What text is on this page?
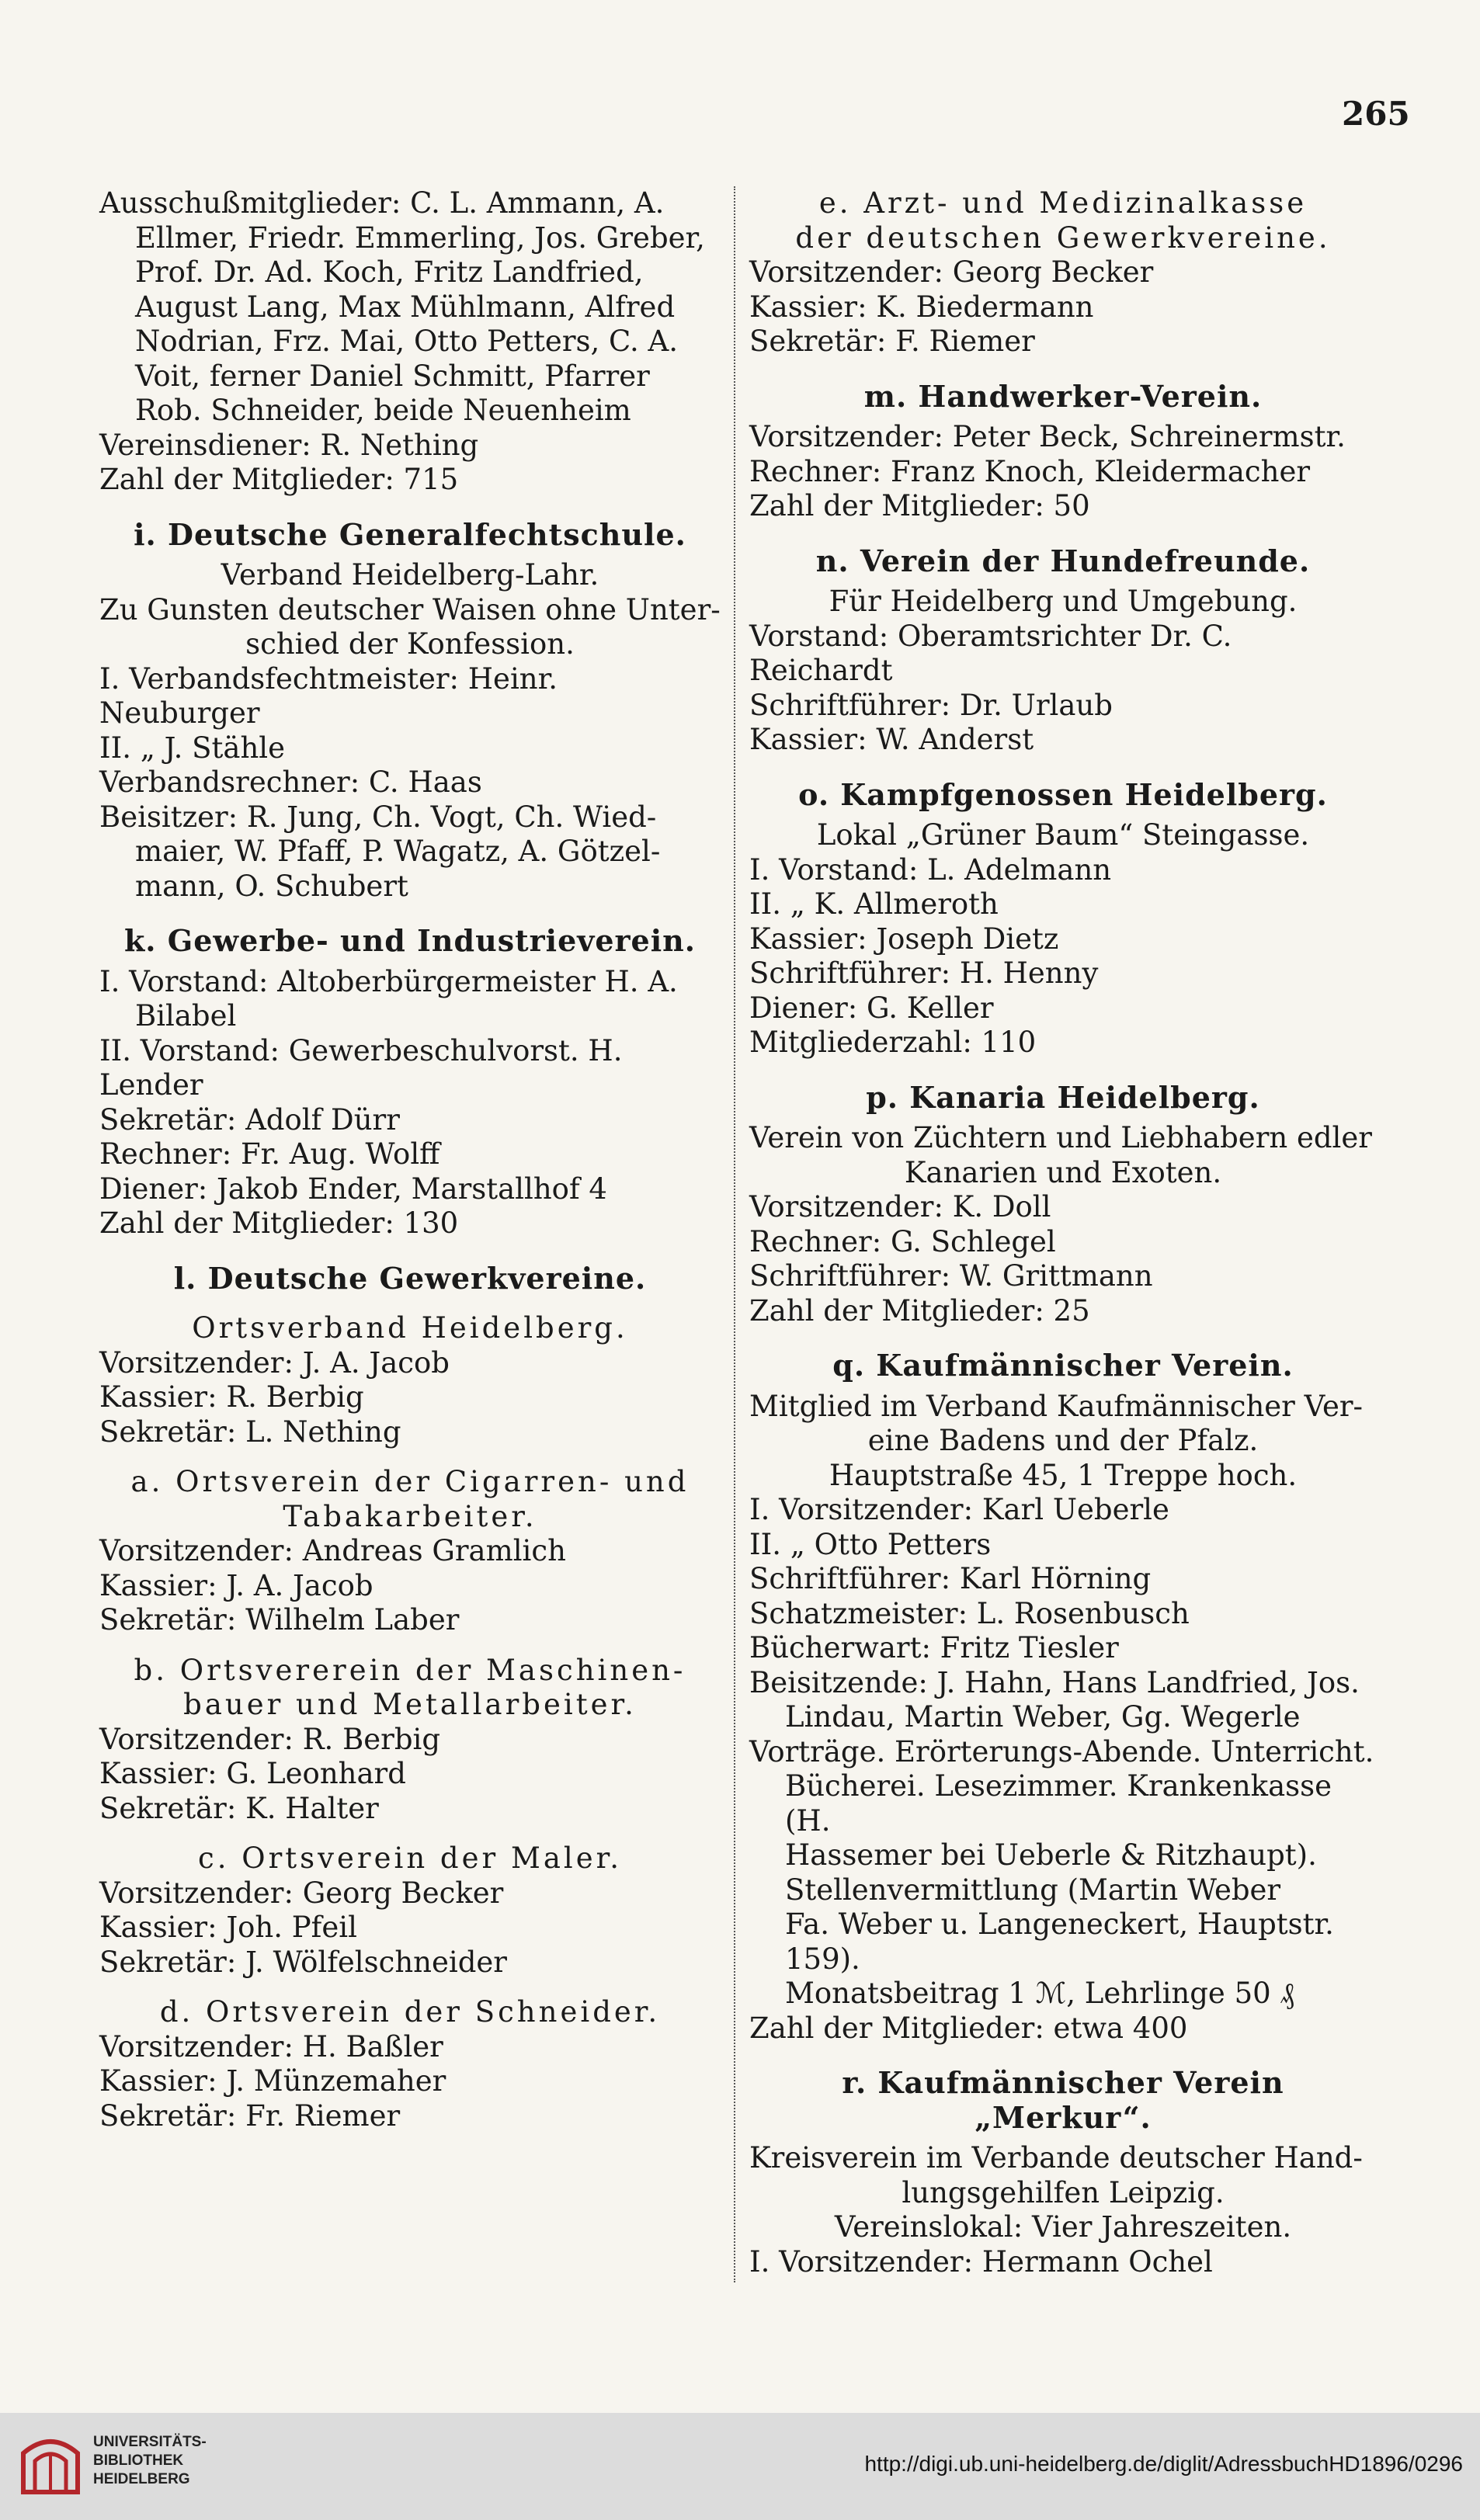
265

Ausschußmitglieder: C. L. Ammann, A.

Ellmer, Friedr. Emmerling, Jos. Greber,

Prof. Dr. Ad. Koch, Fritz Landfried,

August Lang, Max Mühlmann, Alfred

Nodrian, Frz. Mai, Otto Petters, C. A.

Voit, ferner Daniel Schmitt, Pfarrer

Rob. Schneider, beide Neuenheim

Vereinsdiener: R. Nething

Zahl der Mitglieder: 715

i. Deutsche Generalfechtschule.

Verband Heidelberg-Lahr.

Zu Gunsten deutscher Waisen ohne Unter-

schied der Konfession.

I. Verbandsfechtmeister: Heinr. Neuburger

II. „ J. Stähle

Verbandsrechner: C. Haas

Beisitzer: R. Jung, Ch. Vogt, Ch. Wied-

maier, W. Pfaff, P. Wagatz, A. Götzel-

mann, O. Schubert

k. Gewerbe- und Industrieverein.

I. Vorstand: Altoberbürgermeister H. A.

Bilabel

II. Vorstand: Gewerbeschulvorst. H. Lender

Sekretär: Adolf Dürr

Rechner: Fr. Aug. Wolff

Diener: Jakob Ender, Marstallhof 4

Zahl der Mitglieder: 130

l. Deutsche Gewerkvereine.

Ortsverband Heidelberg.

Vorsitzender: J. A. Jacob

Kassier: R. Berbig

Sekretär: L. Nething

a. Ortsverein der Cigarren- und

Tabakarbeiter.

Vorsitzender: Andreas Gramlich

Kassier: J. A. Jacob

Sekretär: Wilhelm Laber

b. Ortsvererein der Maschinen-

bauer und Metallarbeiter.

Vorsitzender: R. Berbig

Kassier: G. Leonhard

Sekretär: K. Halter

c. Ortsverein der Maler.

Vorsitzender: Georg Becker

Kassier: Joh. Pfeil

Sekretär: J. Wölfelschneider

d. Ortsverein der Schneider.

Vorsitzender: H. Baßler

Kassier: J. Münzemaher

Sekretär: Fr. Riemer

e. Arzt- und Medizinalkasse

der deutschen Gewerkvereine.

Vorsitzender: Georg Becker

Kassier: K. Biedermann

Sekretär: F. Riemer

m. Handwerker-Verein.

Vorsitzender: Peter Beck, Schreinermstr.

Rechner: Franz Knoch, Kleidermacher

Zahl der Mitglieder: 50

n. Verein der Hundefreunde.

Für Heidelberg und Umgebung.

Vorstand: Oberamtsrichter Dr. C. Reichardt

Schriftführer: Dr. Urlaub

Kassier: W. Anderst

o. Kampfgenossen Heidelberg.

Lokal „Grüner Baum“ Steingasse.

I. Vorstand: L. Adelmann

II. „ K. Allmeroth

Kassier: Joseph Dietz

Schriftführer: H. Henny

Diener: G. Keller

Mitgliederzahl: 110

p. Kanaria Heidelberg.

Verein von Züchtern und Liebhabern edler

Kanarien und Exoten.

Vorsitzender: K. Doll

Rechner: G. Schlegel

Schriftführer: W. Grittmann

Zahl der Mitglieder: 25

q. Kaufmännischer Verein.

Mitglied im Verband Kaufmännischer Ver-

eine Badens und der Pfalz.

Hauptstraße 45, 1 Treppe hoch.

I. Vorsitzender: Karl Ueberle

II. „ Otto Petters

Schriftführer: Karl Hörning

Schatzmeister: L. Rosenbusch

Bücherwart: Fritz Tiesler

Beisitzende: J. Hahn, Hans Landfried, Jos.

Lindau, Martin Weber, Gg. Wegerle

Vorträge. Erörterungs-Abende. Unterricht.

Bücherei. Lesezimmer. Krankenkasse (H.

Hassemer bei Ueberle & Ritzhaupt).

Stellenvermittlung (Martin Weber

Fa. Weber u. Langeneckert, Hauptstr. 159).

Monatsbeitrag 1 ℳ, Lehrlinge 50 ₰

Zahl der Mitglieder: etwa 400

r. Kaufmännischer Verein „Merkur“.

Kreisverein im Verbande deutscher Hand-

lungsgehilfen Leipzig.

Vereinslokal: Vier Jahreszeiten.

I. Vorsitzender: Hermann Ochel

UNIVERSITÄTS-
BIBLIOTHEK
HEIDELBERG
http://digi.ub.uni-heidelberg.de/diglit/AdressbuchHD1896/0296
